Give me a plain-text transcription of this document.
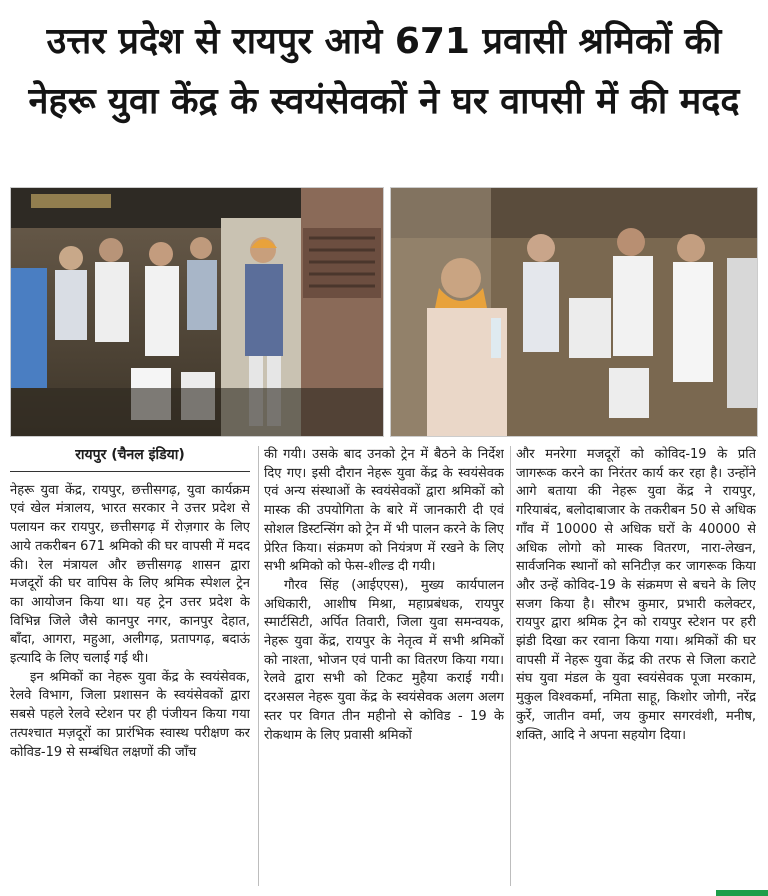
उत्तर प्रदेश से रायपुर आये 671 प्रवासी श्रमिकों की
नेहरू युवा केंद्र के स्वयंसेवकों ने घर वापसी में की मदद
रायपुर (चैनल इंडिया)

नेहरू युवा केंद्र, रायपुर, छत्तीसगढ़, युवा कार्यक्रम एवं खेल मंत्रालय, भारत सरकार ने उत्तर प्रदेश से पलायन कर रायपुर, छत्तीसगढ़ में रोज़गार के लिए आये तकरीबन 671 श्रमिको की घर वापसी में मदद की। रेल मंत्रायल और छत्तीसगढ़ शासन द्वारा मजदूरों की घर वापिस के लिए श्रमिक स्पेशल ट्रेन का आयोजन किया था। यह ट्रेन उत्तर प्रदेश के विभिन्न जिले जैसे कानपुर नगर, कानपुर देहात, बाँदा, आगरा, महुआ, अलीगढ़, प्रतापगढ़, बदाऊं इत्यादि के लिए चलाई गई थी।

इन श्रमिकों का नेहरू युवा केंद्र के स्वयंसेवक, रेलवे विभाग, जिला प्रशासन के स्वयंसेवकों द्वारा सबसे पहले रेलवे स्टेशन पर ही पंजीयन किया गया तत्पश्चात मज़दूरों का प्रारंभिक स्वास्थ परीक्षण कर कोविड-19 से सम्बंधित लक्षणों की जाँच

की गयी। उसके बाद उनको ट्रेन में बैठने के निर्देश दिए गए। इसी दौरान नेहरू युवा केंद्र के स्वयंसेवक एवं अन्य संस्थाओं के स्वयंसेवकों द्वारा श्रमिकों को मास्क की उपयोगिता के बारे में जानकारी दी एवं सोशल डिस्टन्सिंग को ट्रेन में भी पालन करने के लिए प्रेरित किया। संक्रमण को नियंत्रण में रखने के लिए सभी श्रमिको को फेस-शील्ड दी गयी।

गौरव सिंह (आईएएस), मुख्य कार्यपालन अधिकारी, आशीष मिश्रा, महाप्रबंधक, रायपुर स्मार्टसिटी, अर्पित तिवारी, जिला युवा समन्वयक, नेहरू युवा केंद्र, रायपुर के नेतृत्व में सभी श्रमिकों को नाश्ता, भोजन एवं पानी का वितरण किया गया। रेलवे द्वारा सभी को टिकट मुहैया कराई गयी। दरअसल नेहरू युवा केंद्र के स्वयंसेवक अलग अलग स्तर पर विगत तीन महीनो से कोविड - 19 के रोकथाम के लिए प्रवासी श्रमिकों

और मनरेगा मजदूरों को कोविद-19 के प्रति जागरूक करने का निरंतर कार्य कर रहा है। उन्होंने आगे बताया की नेहरू युवा केंद्र ने रायपुर, गरियाबंद, बलोदाबाजार के तकरीबन 50 से अधिक गाँव में 10000 से अधिक घरों के 40000 से अधिक लोगो को मास्क वितरण, नारा-लेखन, सार्वजनिक स्थानों को सनिटीज़ कर जागरूक किया और उन्हें कोविद-19 के संक्रमण से बचने के लिए सजग किया है। सौरभ कुमार, प्रभारी कलेक्टर, रायपुर द्वारा श्रमिक ट्रेन को रायपुर स्टेशन पर हरी झंडी दिखा कर रवाना किया गया। श्रमिकों की घर वापसी में नेहरू युवा केंद्र की तरफ से जिला कराटे संघ युवा मंडल के युवा स्वयंसेवक पूजा मरकाम, मुकुल विश्वकर्मा, नमिता साहू, किशोर जोगी, नरेंद्र कुर्रे, जातीन वर्मा, जय कुमार सगरवंशी, मनीष, शक्ति, आदि ने अपना सहयोग दिया।
